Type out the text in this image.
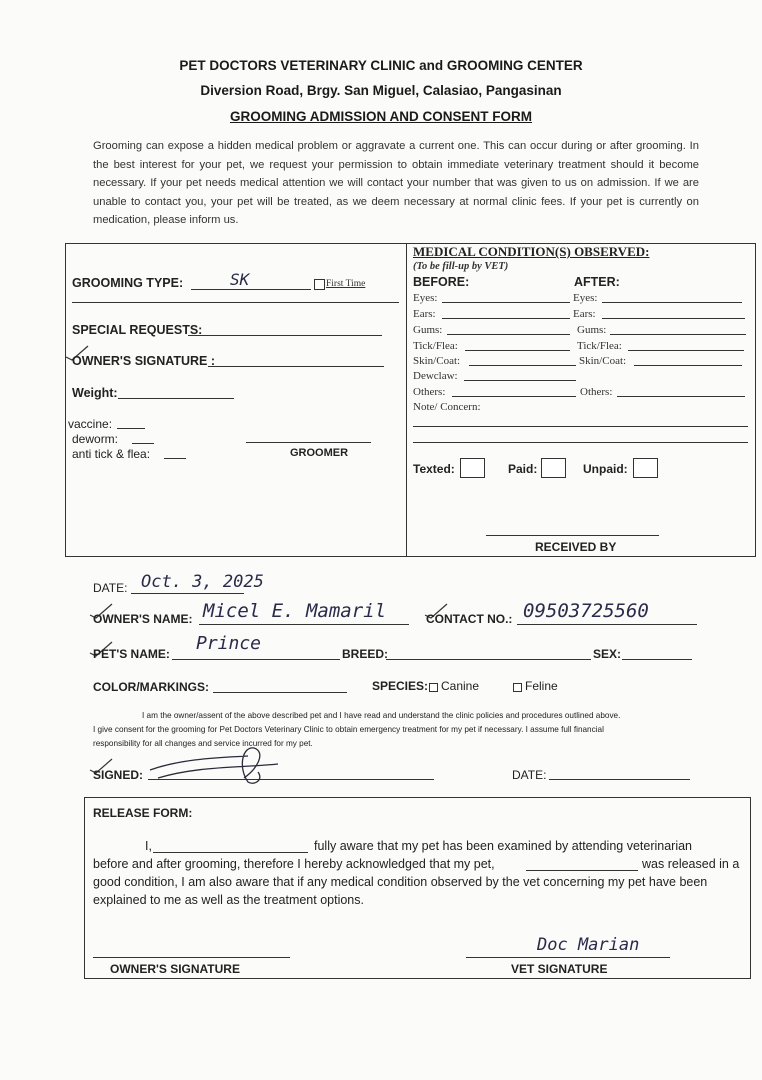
PET DOCTORS VETERINARY CLINIC and GROOMING CENTER
Diversion Road, Brgy. San Miguel, Calasiao, Pangasinan
GROOMING ADMISSION AND CONSENT FORM
Grooming can expose a hidden medical problem or aggravate a current one. This can occur during or after grooming. In the best interest for your pet, we request your permission to obtain immediate veterinary treatment should it become necessary. If your pet needs medical attention we will contact your number that was given to us on admission. If we are unable to contact you, your pet will be treated, as we deem necessary at normal clinic fees. If your pet is currently on medication, please inform us.
GROOMING TYPE:	SK	First Time
SPECIAL REQUESTS:
OWNER'S SIGNATURE :
Weight:
vaccine:
deworm:
anti tick & flea:	GROOMER
MEDICAL CONDITION(S) OBSERVED:
(To be fill-up by VET)
BEFORE:	AFTER:
Eyes:	Eyes:
Ears:	Ears:
Gums:	Gums:
Tick/Flea:	Tick/Flea:
Skin/Coat:	Skin/Coat:
Dewclaw:
Others:	Others:
Note/ Concern:
Texted:	Paid:	Unpaid:
RECEIVED BY
DATE: Oct. 3, 2025
OWNER'S NAME: Micel E. Mamaril	CONTACT NO.: 09503725560
PET'S NAME: Prince	BREED:	SEX:
COLOR/MARKINGS:	SPECIES: Canine	Feline
I am the owner/assent of the above described pet and I have read and understand the clinic policies and procedures outlined above.
I give consent for the grooming for Pet Doctors Veterinary Clinic to obtain emergency treatment for my pet if necessary. I assume full financial
responsibility for all changes and service incurred for my pet.
SIGNED:	DATE:
RELEASE FORM:
I,	fully aware that my pet has been examined by attending veterinarian
before and after grooming, therefore I hereby acknowledged that my pet,	was released in a
good condition, I am also aware that if any medical condition observed by the vet concerning my pet have been
explained to me as well as the treatment options.
OWNER'S SIGNATURE
Doc Marian
VET SIGNATURE
